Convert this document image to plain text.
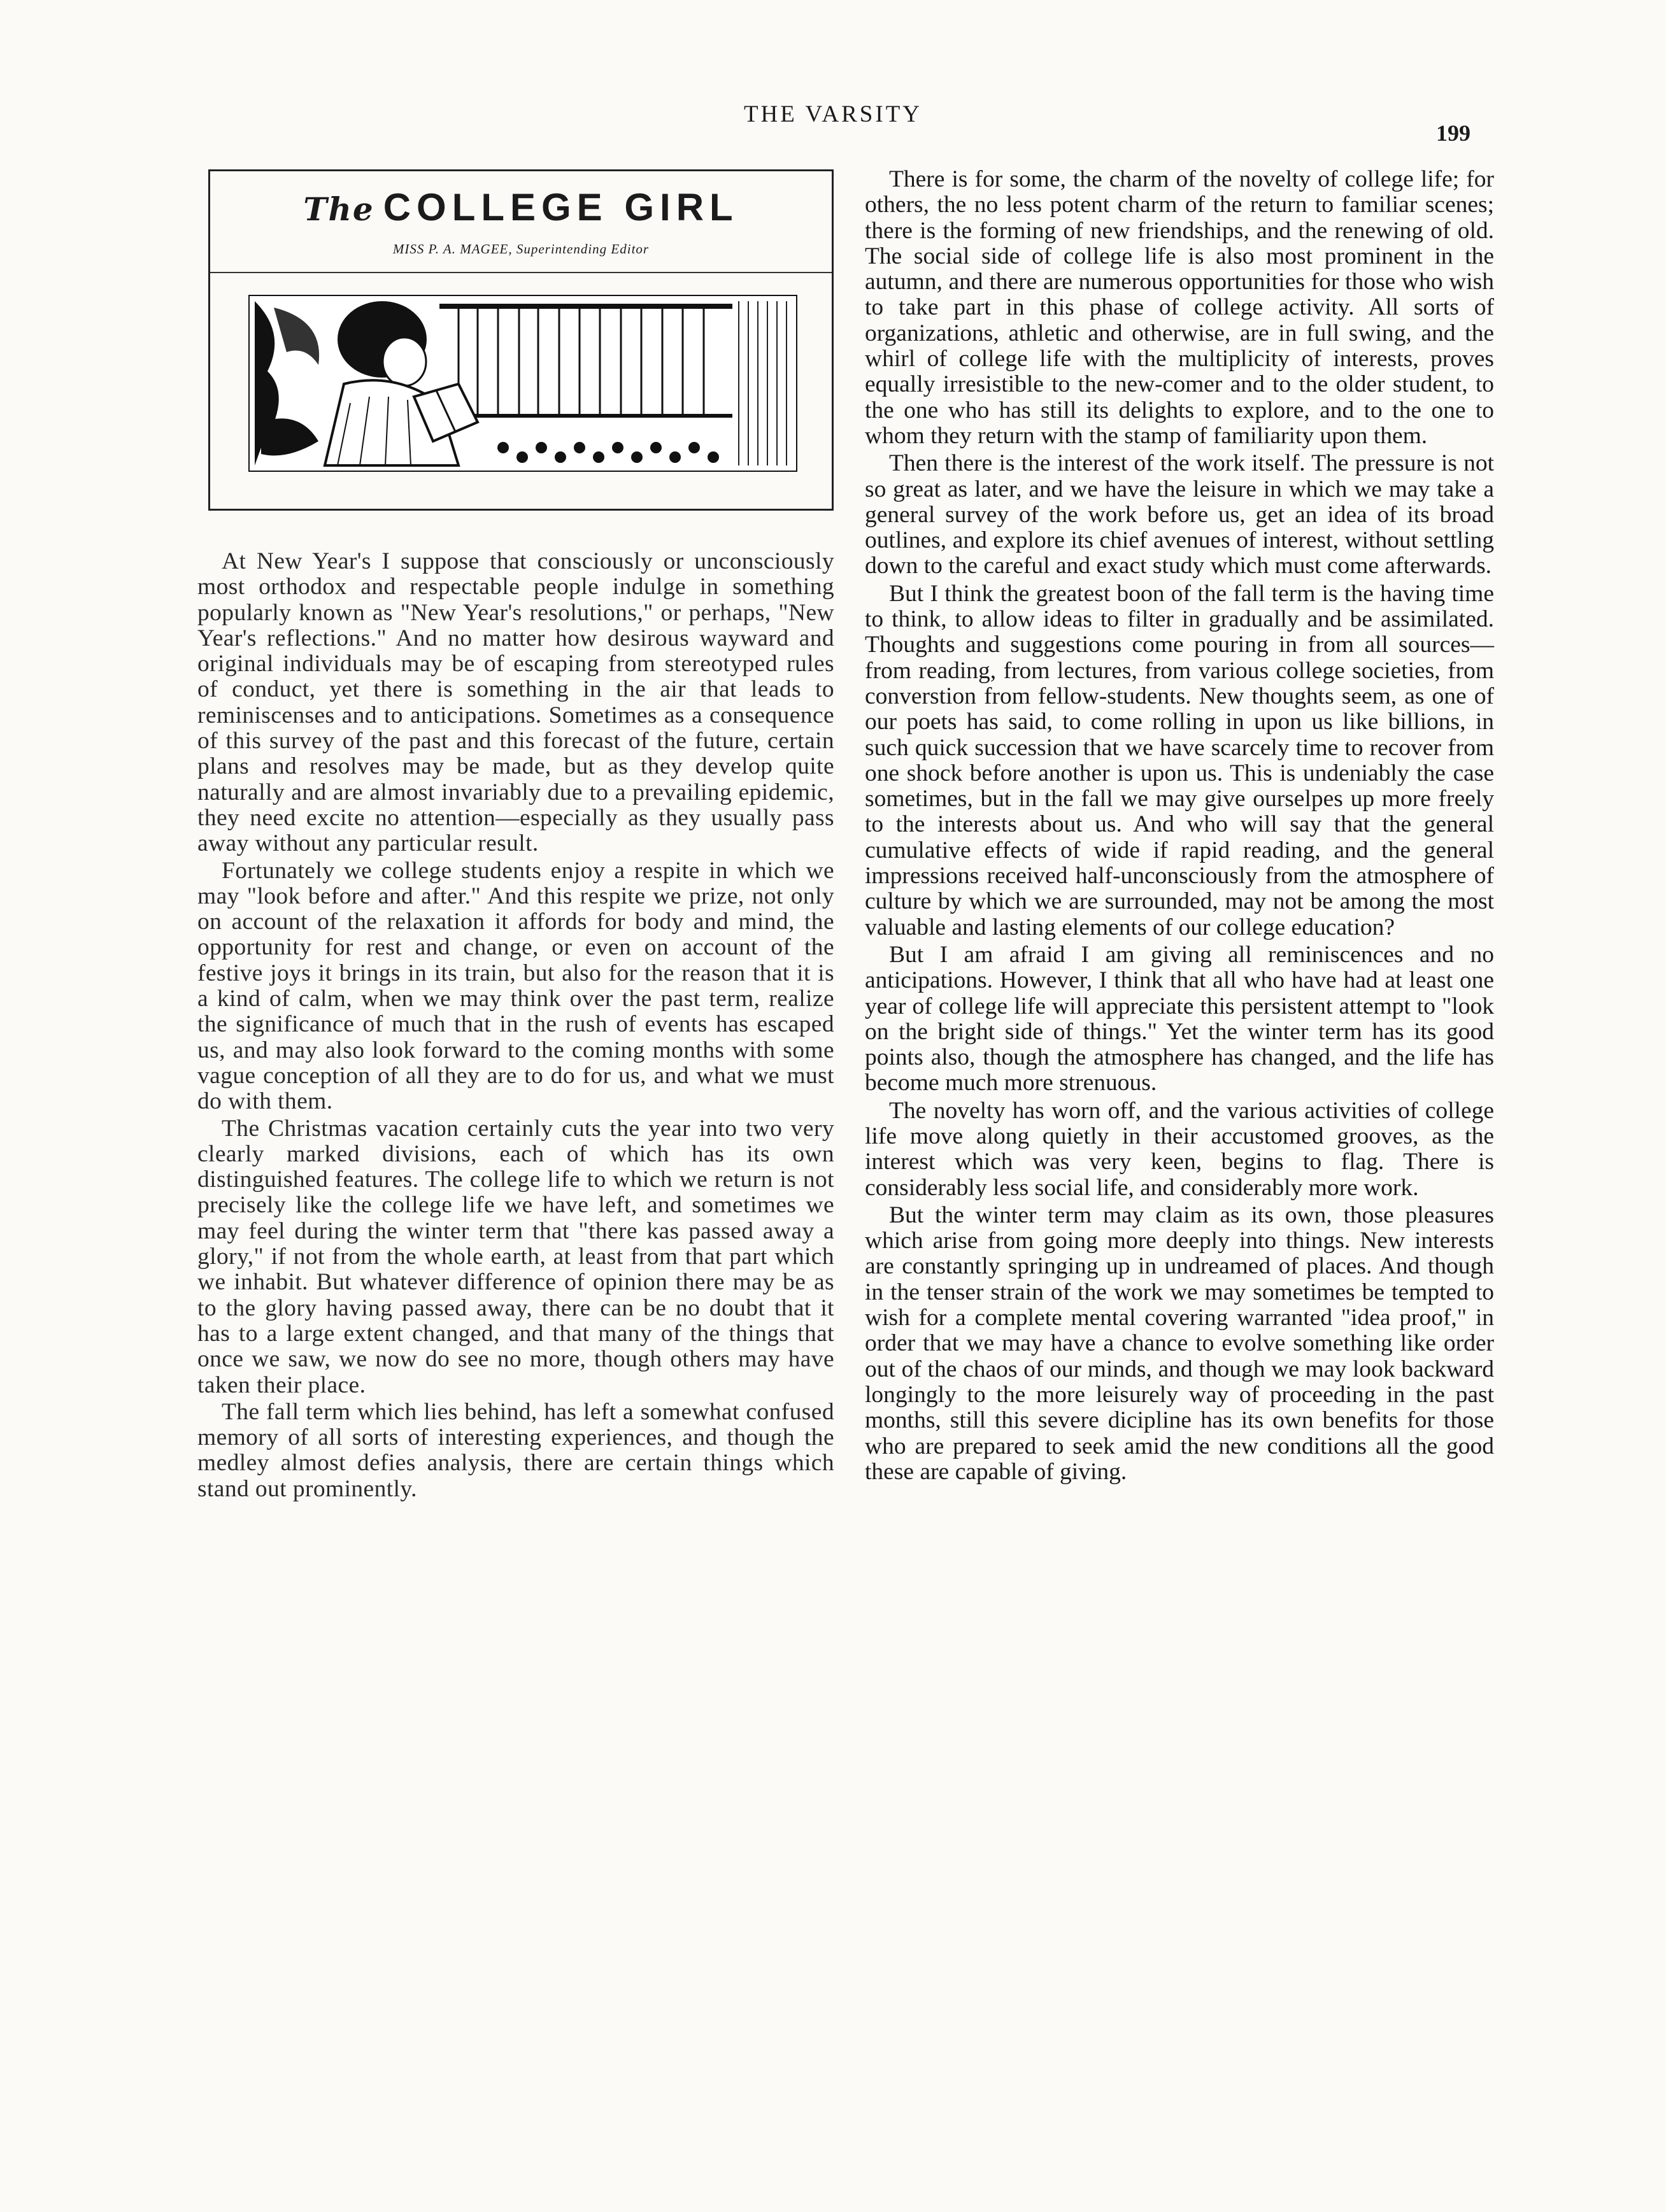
THE VARSITY
199
The COLLEGE GIRL
MISS P. A. MAGEE, Superintending Editor

At New Year's I suppose that consciously or unconsciously most orthodox and respectable people indulge in something popularly known as "New Year's resolutions," or perhaps, "New Year's reflections." And no matter how desirous wayward and original individuals may be of escaping from stereotyped rules of conduct, yet there is something in the air that leads to reminiscenses and to anticipations. Sometimes as a consequence of this survey of the past and this forecast of the future, certain plans and resolves may be made, but as they develop quite naturally and are almost invariably due to a prevailing epidemic, they need excite no attention—especially as they usually pass away without any particular result.

Fortunately we college students enjoy a respite in which we may "look before and after." And this respite we prize, not only on account of the relaxation it affords for body and mind, the opportunity for rest and change, or even on account of the festive joys it brings in its train, but also for the reason that it is a kind of calm, when we may think over the past term, realize the significance of much that in the rush of events has escaped us, and may also look forward to the coming months with some vague conception of all they are to do for us, and what we must do with them.

The Christmas vacation certainly cuts the year into two very clearly marked divisions, each of which has its own distinguished features. The college life to which we return is not precisely like the college life we have left, and sometimes we may feel during the winter term that "there kas passed away a glory," if not from the whole earth, at least from that part which we inhabit. But whatever difference of opinion there may be as to the glory having passed away, there can be no doubt that it has to a large extent changed, and that many of the things that once we saw, we now do see no more, though others may have taken their place.

The fall term which lies behind, has left a somewhat confused memory of all sorts of interesting experiences, and though the medley almost defies analysis, there are certain things which stand out prominently.

There is for some, the charm of the novelty of college life; for others, the no less potent charm of the return to familiar scenes; there is the forming of new friendships, and the renewing of old. The social side of college life is also most prominent in the autumn, and there are numerous opportunities for those who wish to take part in this phase of college activity. All sorts of organizations, athletic and otherwise, are in full swing, and the whirl of college life with the multiplicity of interests, proves equally irresistible to the new-comer and to the older student, to the one who has still its delights to explore, and to the one to whom they return with the stamp of familiarity upon them.

Then there is the interest of the work itself. The pressure is not so great as later, and we have the leisure in which we may take a general survey of the work before us, get an idea of its broad outlines, and explore its chief avenues of interest, without settling down to the careful and exact study which must come afterwards.

But I think the greatest boon of the fall term is the having time to think, to allow ideas to filter in gradually and be assimilated. Thoughts and suggestions come pouring in from all sources—from reading, from lectures, from various college societies, from converstion from fellow-students. New thoughts seem, as one of our poets has said, to come rolling in upon us like billions, in such quick succession that we have scarcely time to recover from one shock before another is upon us. This is undeniably the case sometimes, but in the fall we may give ourselpes up more freely to the interests about us. And who will say that the general cumulative effects of wide if rapid reading, and the general impressions received half-unconsciously from the atmosphere of culture by which we are surrounded, may not be among the most valuable and lasting elements of our college education?

But I am afraid I am giving all reminiscences and no anticipations. However, I think that all who have had at least one year of college life will appreciate this persistent attempt to "look on the bright side of things." Yet the winter term has its good points also, though the atmosphere has changed, and the life has become much more strenuous.

The novelty has worn off, and the various activities of college life move along quietly in their accustomed grooves, as the interest which was very keen, begins to flag. There is considerably less social life, and considerably more work.

But the winter term may claim as its own, those pleasures which arise from going more deeply into things. New interests are constantly springing up in undreamed of places. And though in the tenser strain of the work we may sometimes be tempted to wish for a complete mental covering warranted "idea proof," in order that we may have a chance to evolve something like order out of the chaos of our minds, and though we may look backward longingly to the more leisurely way of proceeding in the past months, still this severe dicipline has its own benefits for those who are prepared to seek amid the new conditions all the good these are capable of giving.
